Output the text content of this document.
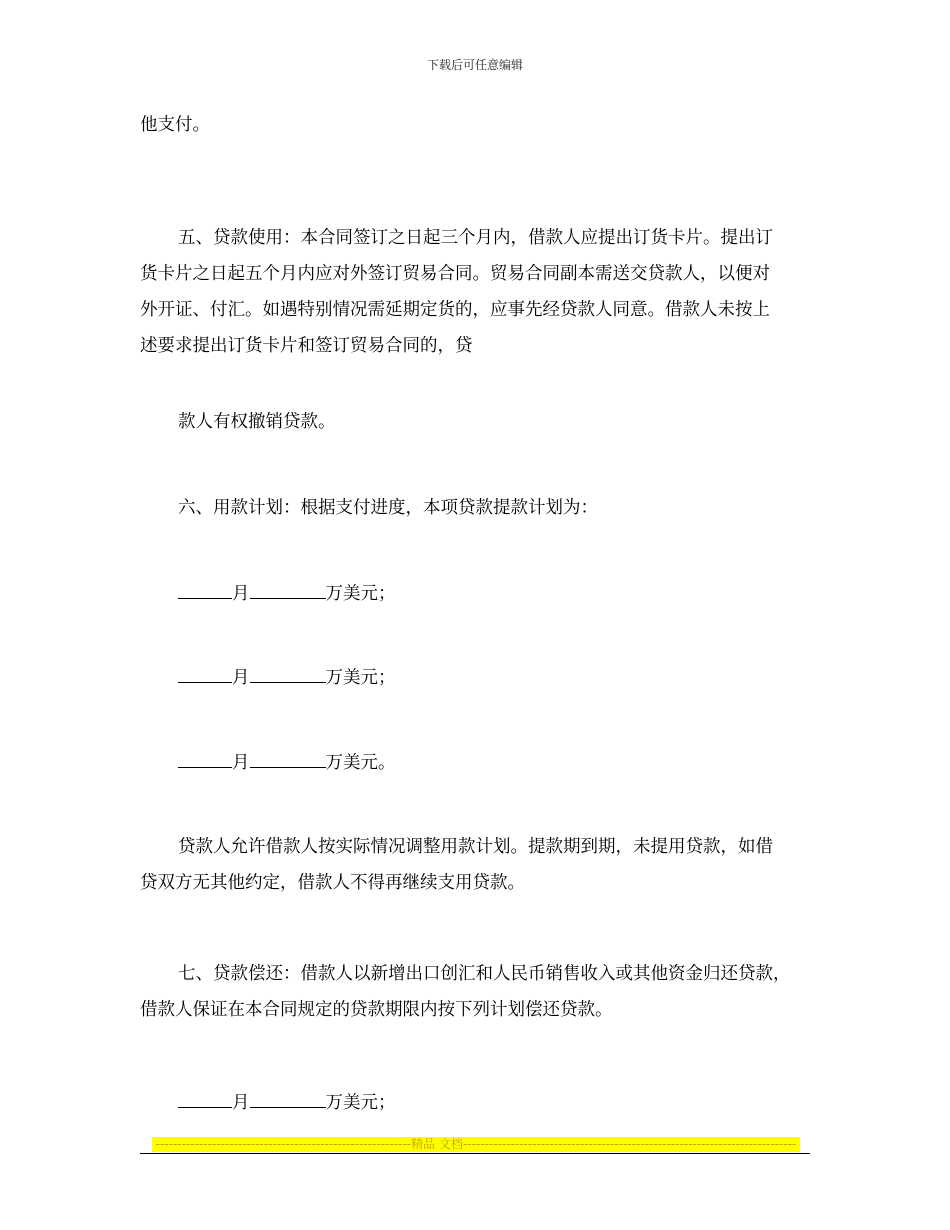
下载后可任意编辑
他支付。
五、贷款使用：本合同签订之日起三个月内，借款人应提出订货卡片。提出订
货卡片之日起五个月内应对外签订贸易合同。贸易合同副本需送交贷款人，以便对
外开证、付汇。如遇特别情况需延期定货的，应事先经贷款人同意。借款人未按上
述要求提出订货卡片和签订贸易合同的，贷
款人有权撤销贷款。
六、用款计划：根据支付进度，本项贷款提款计划为：
月	万美元；
月	万美元；
月	万美元。
贷款人允许借款人按实际情况调整用款计划。提款期到期，未提用贷款，如借
贷双方无其他约定，借款人不得再继续支用贷款。
七、贷款偿还：借款人以新增出口创汇和人民币销售收入或其他资金归还贷款，
借款人保证在本合同规定的贷款期限内按下列计划偿还贷款。
月	万美元；
-----------------------------------------------------------精品 文档-----------------------------------------------------------------------------
